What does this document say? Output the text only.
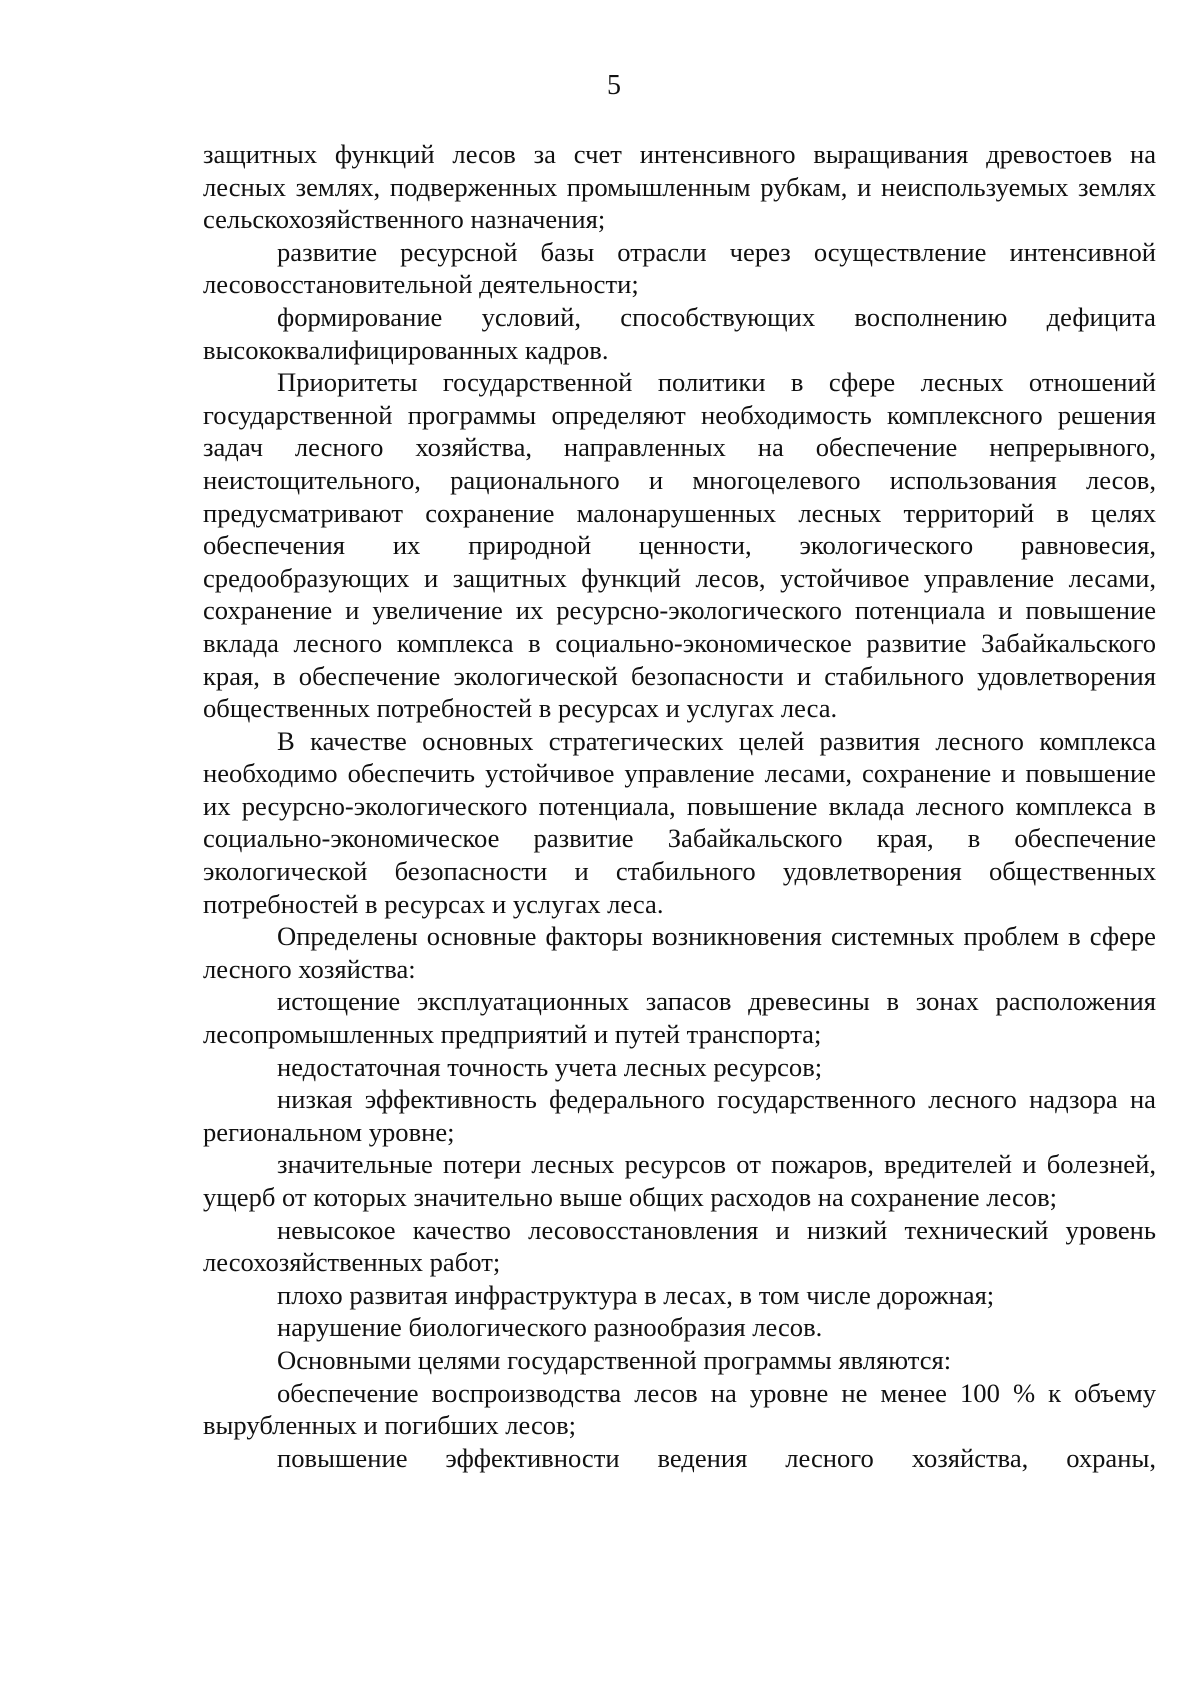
5

защитных функций лесов за счет интенсивного выращивания древостоев на лесных землях, подверженных промышленным рубкам, и неиспользуемых землях сельскохозяйственного назначения;

развитие ресурсной базы отрасли через осуществление интенсивной лесовосстановительной деятельности;

формирование условий, способствующих восполнению дефицита высококвалифицированных кадров.

Приоритеты государственной политики в сфере лесных отношений государственной программы определяют необходимость комплексного решения задач лесного хозяйства, направленных на обеспечение непрерывного, неистощительного, рационального и многоцелевого использования лесов, предусматривают сохранение малонарушенных лесных территорий в целях обеспечения их природной ценности, экологического равновесия, средообразующих и защитных функций лесов, устойчивое управление лесами, сохранение и увеличение их ресурсно-экологического потенциала и повышение вклада лесного комплекса в социально-экономическое развитие Забайкальского края, в обеспечение экологической безопасности и стабильного удовлетворения общественных потребностей в ресурсах и услугах леса.

В качестве основных стратегических целей развития лесного комплекса необходимо обеспечить устойчивое управление лесами, сохранение и повышение их ресурсно-экологического потенциала, повышение вклада лесного комплекса в социально-экономическое развитие Забайкальского края, в обеспечение экологической безопасности и стабильного удовлетворения общественных потребностей в ресурсах и услугах леса.

Определены основные факторы возникновения системных проблем в сфере лесного хозяйства:

истощение эксплуатационных запасов древесины в зонах расположения лесопромышленных предприятий и путей транспорта;

недостаточная точность учета лесных ресурсов;

низкая эффективность федерального государственного лесного надзора на региональном уровне;

значительные потери лесных ресурсов от пожаров, вредителей и болезней, ущерб от которых значительно выше общих расходов на сохранение лесов;

невысокое качество лесовосстановления и низкий технический уровень лесохозяйственных работ;

плохо развитая инфраструктура в лесах, в том числе дорожная;

нарушение биологического разнообразия лесов.

Основными целями государственной программы являются:

обеспечение воспроизводства лесов на уровне не менее 100 % к объему вырубленных и погибших лесов;

повышение эффективности ведения лесного хозяйства, охраны,
